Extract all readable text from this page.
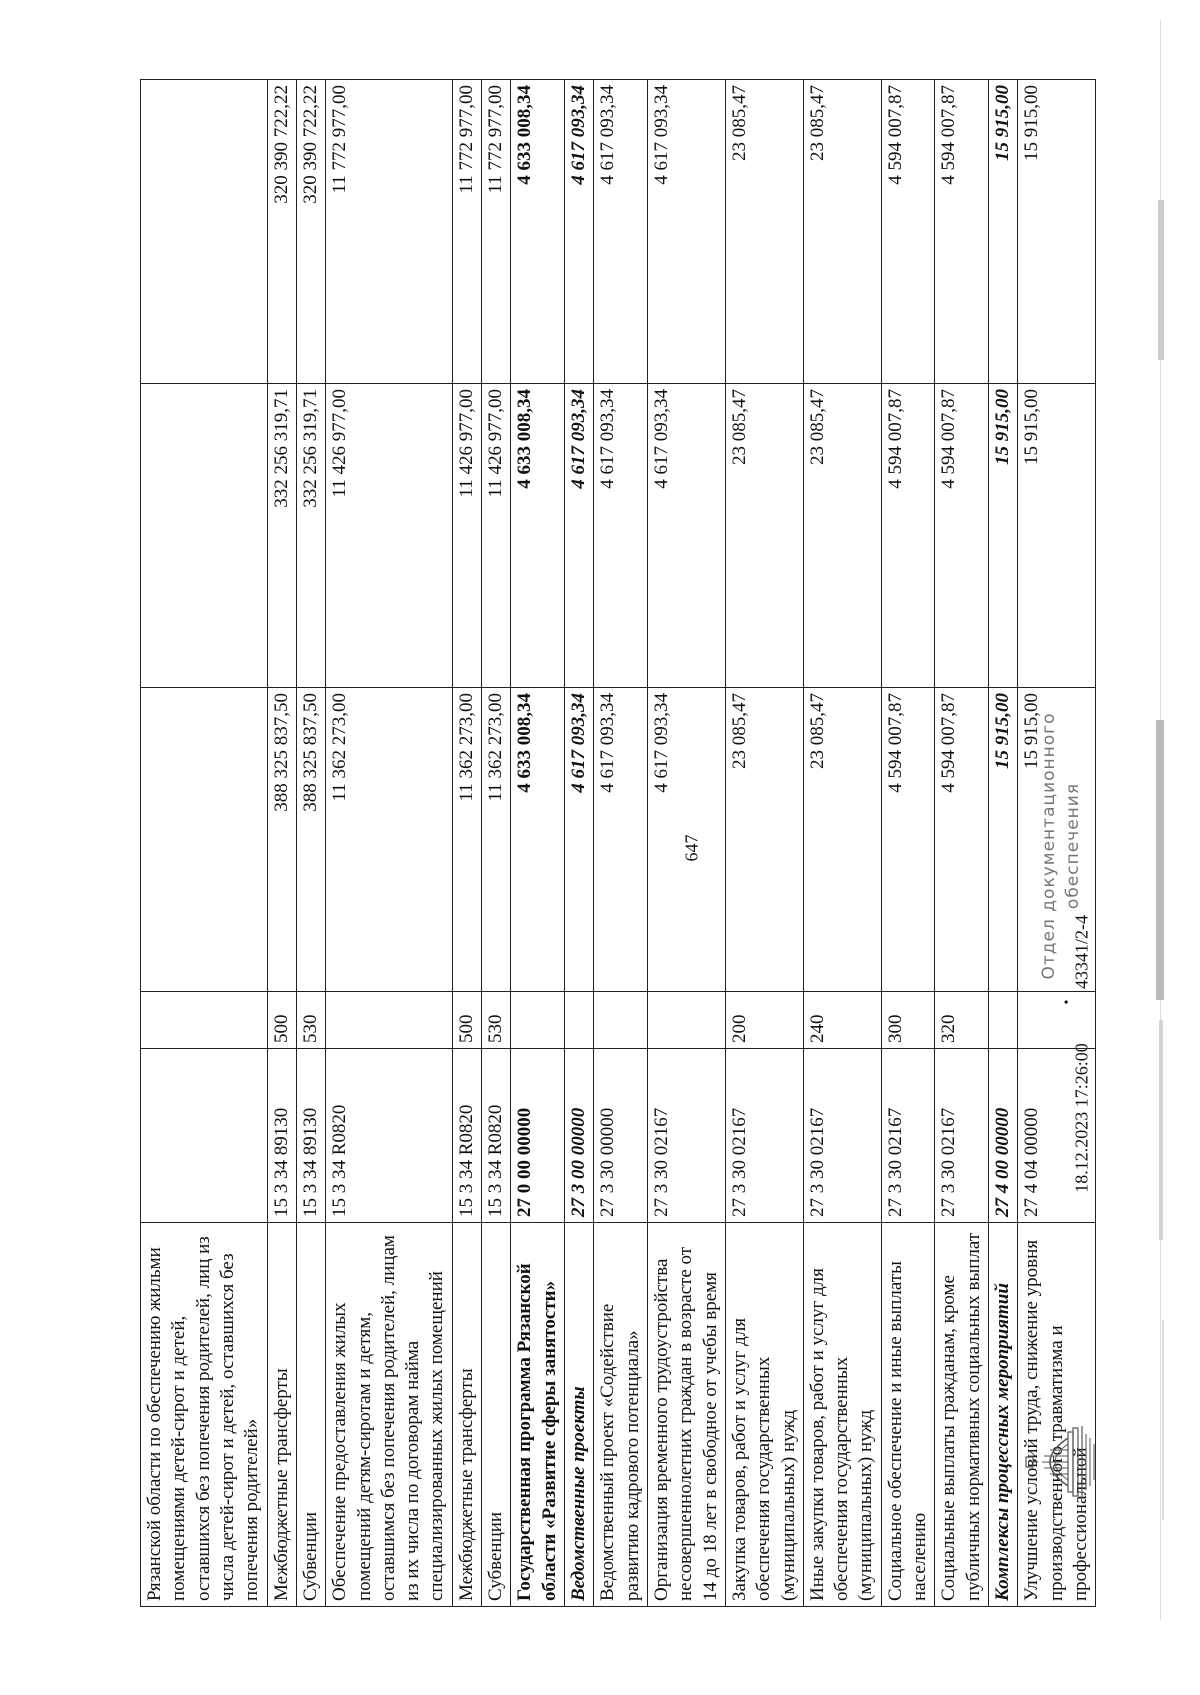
647
Рязанской области по обеспечению жильми помещениями детей-сирот и детей, оставшихся без попечения родителей, лиц из числа детей-сирот и детей, оставшихся без попечения родителей»					
Межбюджетные трансферты	15 3 34 89130	500	388 325 837,50	332 256 319,71	320 390 722,22
Субвенции	15 3 34 89130	530	388 325 837,50	332 256 319,71	320 390 722,22
Обеспечение предоставления жилых помещений детям-сиротам и детям, оставшимся без попечения родителей, лицам из их числа по договорам найма специализированных жилых помещений	15 3 34 R0820		11 362 273,00	11 426 977,00	11 772 977,00
Межбюджетные трансферты	15 3 34 R0820	500	11 362 273,00	11 426 977,00	11 772 977,00
Субвенции	15 3 34 R0820	530	11 362 273,00	11 426 977,00	11 772 977,00
Государственная программа Рязанской области «Развитие сферы занятости»	27 0 00 00000		4 633 008,34	4 633 008,34	4 633 008,34
Ведомственные проекты	27 3 00 00000		4 617 093,34	4 617 093,34	4 617 093,34
Ведомственный проект «Содействие развитию кадрового потенциала»	27 3 30 00000		4 617 093,34	4 617 093,34	4 617 093,34
Организация временного трудоустройства несовершеннолетних граждан в возрасте от 14 до 18 лет в свободное от учебы время	27 3 30 02167		4 617 093,34	4 617 093,34	4 617 093,34
Закупка товаров, работ и услуг для обеспечения государственных (муниципальных) нужд	27 3 30 02167	200	23 085,47	23 085,47	23 085,47
Иные закупки товаров, работ и услуг для обеспечения государственных (муниципальных) нужд	27 3 30 02167	240	23 085,47	23 085,47	23 085,47
Социальное обеспечение и иные выплаты населению	27 3 30 02167	300	4 594 007,87	4 594 007,87	4 594 007,87
Социальные выплаты гражданам, кроме публичных нормативных социальных выплат	27 3 30 02167	320	4 594 007,87	4 594 007,87	4 594 007,87
Комплексы процессных мероприятий	27 4 00 00000		15 915,00	15 915,00	15 915,00
Улучшение условий труда, снижение уровня производственного травматизма и профессиональной	27 4 04 00000		15 915,00	15 915,00	15 915,00
18.12.2023 17:26:00
•
43341/2-4
Отдел документационного обеспечения
